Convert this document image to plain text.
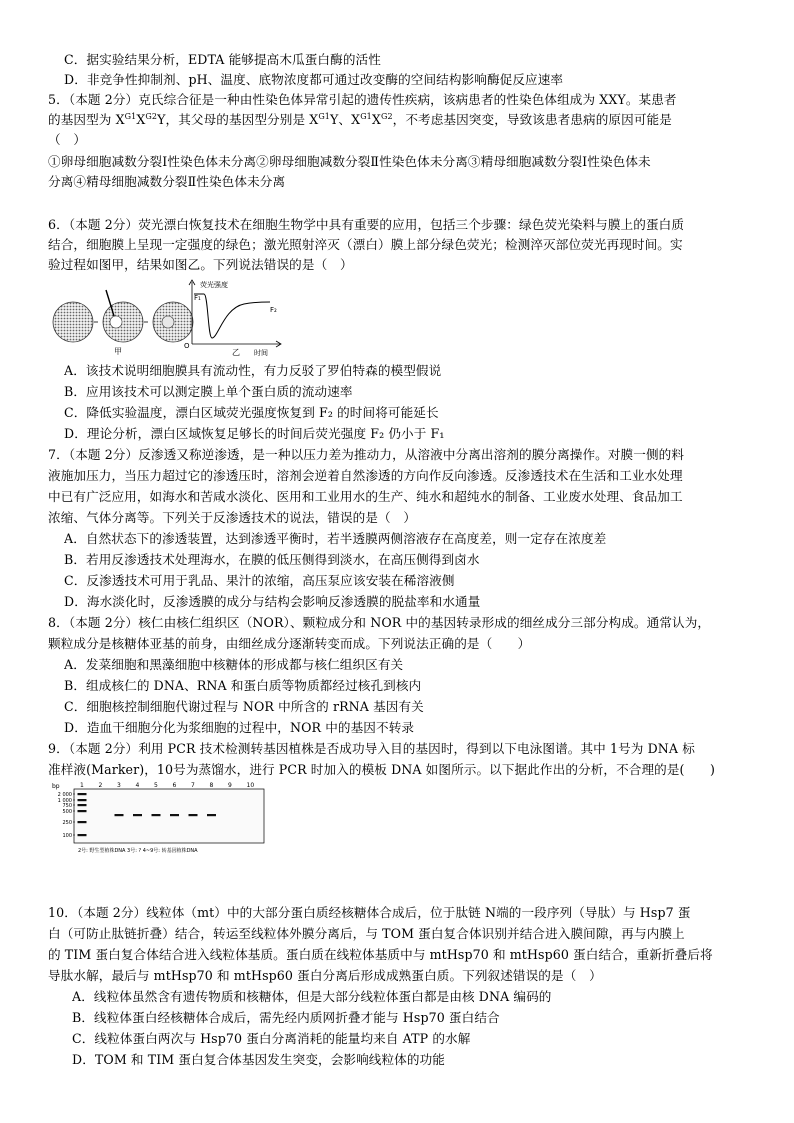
C．据实验结果分析，EDTA 能够提高木瓜蛋白酶的活性
D．非竞争性抑制剂、pH、温度、底物浓度都可通过改变酶的空间结构影响酶促反应速率
5．（本题 2分）克氏综合征是一种由性染色体异常引起的遗传性疾病，该病患者的性染色体组成为 XXY。某患者
的基因型为 $X^{G1}X^{G2}Y$，其父母的基因型分别是 $X^{G1}Y$、$X^{G1}X^{G2}$，不考虑基因突变，导致该患者患病的原因可能是
（　）
①卵母细胞减数分裂Ⅰ性染色体未分离②卵母细胞减数分裂Ⅱ性染色体未分离③精母细胞减数分裂Ⅰ性染色体未
分离④精母细胞减数分裂Ⅱ性染色体未分离
6．（本题 2分）荧光漂白恢复技术在细胞生物学中具有重要的应用，包括三个步骤：绿色荧光染料与膜上的蛋白质
结合，细胞膜上呈现一定强度的绿色；激光照射淬灭（漂白）膜上部分绿色荧光；检测淬灭部位荧光再现时间。实
验过程如图甲，结果如图乙。下列说法错误的是（　）
甲
荧光强度
F₁
F₂
O
乙 时间
A．该技术说明细胞膜具有流动性，有力反驳了罗伯特森的模型假说
B．应用该技术可以测定膜上单个蛋白质的流动速率
C．降低实验温度，漂白区域荧光强度恢复到 F₂ 的时间将可能延长
D．理论分析，漂白区域恢复足够长的时间后荧光强度 F₂ 仍小于 F₁
7．（本题 2分）反渗透又称逆渗透，是一种以压力差为推动力，从溶液中分离出溶剂的膜分离操作。对膜一侧的料
液施加压力，当压力超过它的渗透压时，溶剂会逆着自然渗透的方向作反向渗透。反渗透技术在生活和工业水处理
中已有广泛应用，如海水和苦咸水淡化、医用和工业用水的生产、纯水和超纯水的制备、工业废水处理、食品加工
浓缩、气体分离等。下列关于反渗透技术的说法，错误的是（　）
A．自然状态下的渗透装置，达到渗透平衡时，若半透膜两侧溶液存在高度差，则一定存在浓度差
B．若用反渗透技术处理海水，在膜的低压侧得到淡水，在高压侧得到卤水
C．反渗透技术可用于乳品、果汁的浓缩，高压泵应该安装在稀溶液侧
D．海水淡化时，反渗透膜的成分与结构会影响反渗透膜的脱盐率和水通量
8．（本题 2分）核仁由核仁组织区（NOR）、颗粒成分和 NOR 中的基因转录形成的细丝成分三部分构成。通常认为，
颗粒成分是核糖体亚基的前身，由细丝成分逐渐转变而成。下列说法正确的是（　　）
A．发菜细胞和黑藻细胞中核糖体的形成都与核仁组织区有关
B．组成核仁的 DNA、RNA 和蛋白质等物质都经过核孔到核内
C．细胞核控制细胞代谢过程与 NOR 中所含的 rRNA 基因有关
D．造血干细胞分化为浆细胞的过程中，NOR 中的基因不转录
9．（本题 2分）利用 PCR 技术检测转基因植株是否成功导入目的基因时，得到以下电泳图谱。其中 1号为 DNA 标
准样液(Marker)，10号为蒸馏水，进行 PCR 时加入的模板 DNA 如图所示。以下据此作出的分析，不合理的是(　　)
bp	1 2 3 4 5 6 7 8 9 10
2 000
1 000
750
500
250
100
2号: 野生型植株DNA 3号: ? 4~9号: 转基因植株DNA
10．（本题 2分）线粒体（mt）中的大部分蛋白质经核糖体合成后，位于肽链 N端的一段序列（导肽）与 Hsp7 蛋
白（可防止肽链折叠）结合，转运至线粒体外膜分离后，与 TOM 蛋白复合体识别并结合进入膜间隙，再与内膜上
的 TIM 蛋白复合体结合进入线粒体基质。蛋白质在线粒体基质中与 mtHsp70 和 mtHsp60 蛋白结合，重新折叠后将
导肽水解，最后与 mtHsp70 和 mtHsp60 蛋白分离后形成成熟蛋白质。下列叙述错误的是（　）
A．线粒体虽然含有遗传物质和核糖体，但是大部分线粒体蛋白都是由核 DNA 编码的
B．线粒体蛋白经核糖体合成后，需先经内质网折叠才能与 Hsp70 蛋白结合
C．线粒体蛋白两次与 Hsp70 蛋白分离消耗的能量均来自 ATP 的水解
D．TOM 和 TIM 蛋白复合体基因发生突变，会影响线粒体的功能
